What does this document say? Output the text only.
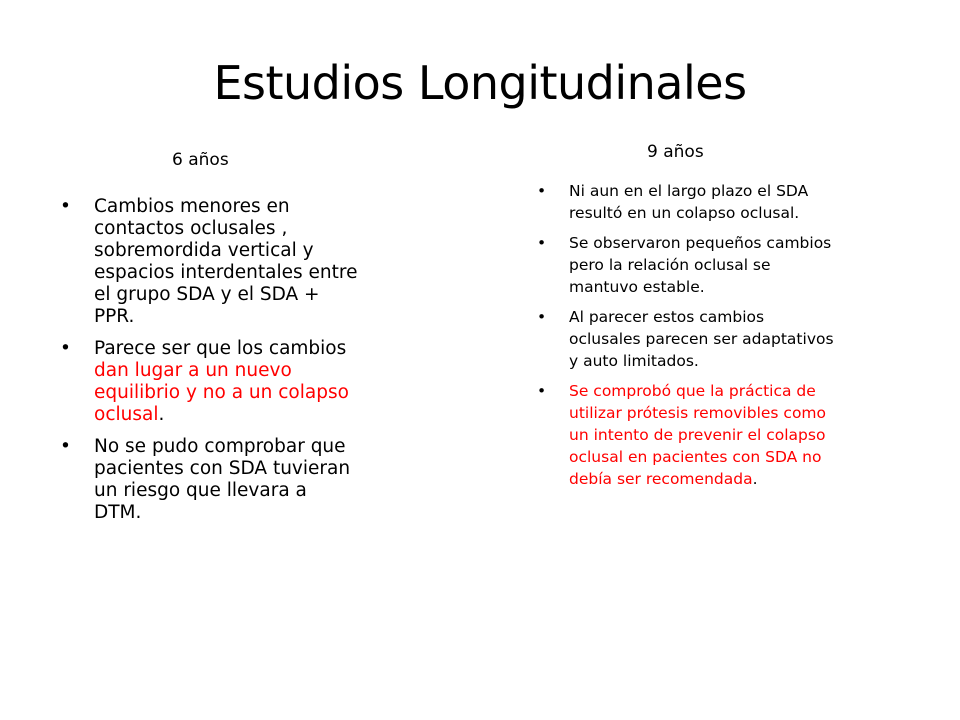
Estudios Longitudinales
6 años	9 años
• Cambios menores en contactos oclusales , sobremordida vertical y espacios interdentales entre el grupo SDA y el SDA + PPR.
• Parece ser que los cambios dan lugar a un nuevo equilibrio y no a un colapso oclusal.
• No se pudo comprobar que pacientes con SDA tuvieran un riesgo que llevara a DTM.
• Ni aun en el largo plazo el SDA resultó en un colapso oclusal.
• Se observaron pequeños cambios pero la relación oclusal se mantuvo estable.
• Al parecer estos cambios oclusales parecen ser adaptativos y auto limitados.
• Se comprobó que la práctica de utilizar prótesis removibles como un intento de prevenir el colapso oclusal en pacientes con SDA no debía ser recomendada.
